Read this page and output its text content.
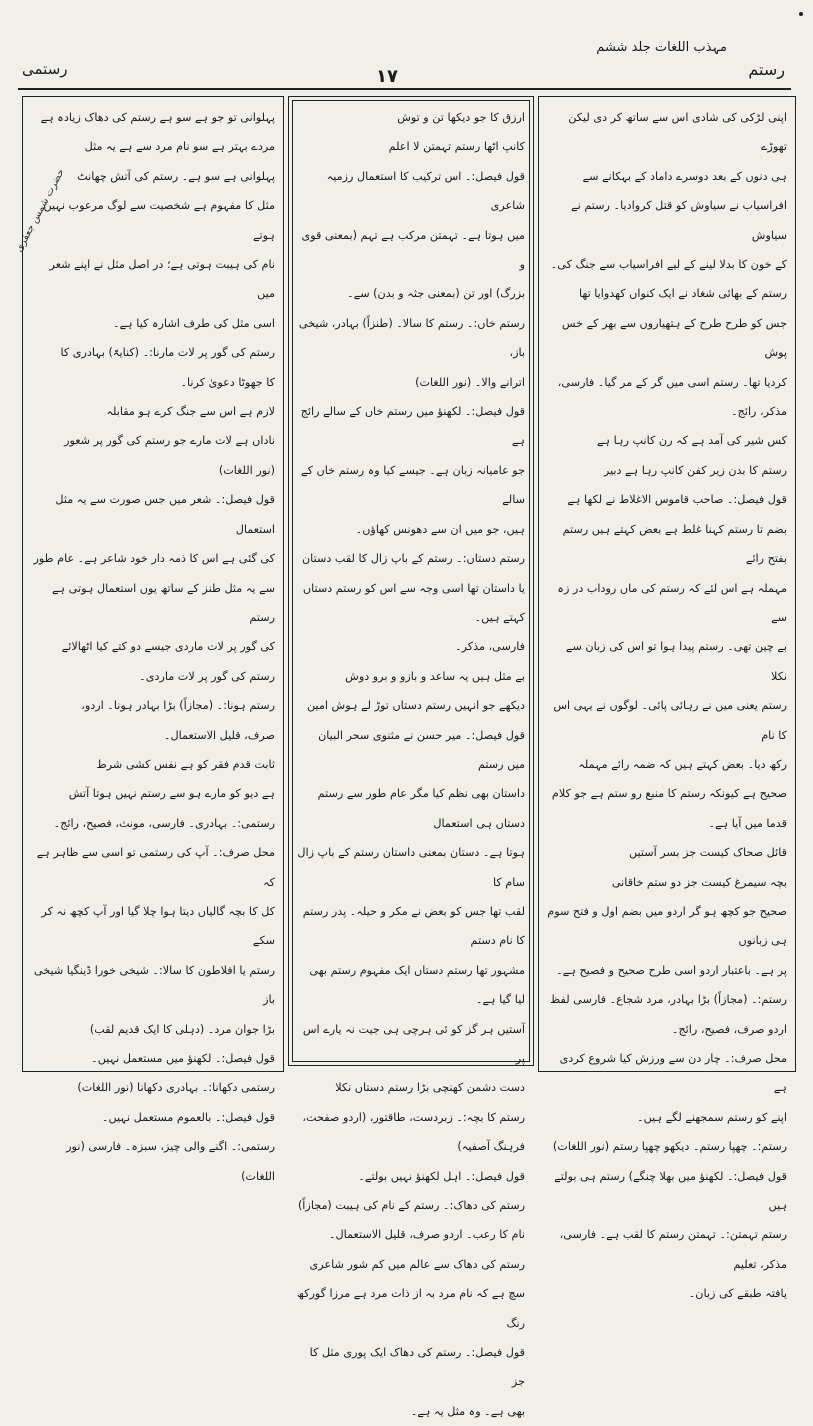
مہذب اللغات جلد ششم
رستمی	۱۷	رستم

اپنی لڑکی کی شادی اس سے ساتھ کر دی لیکن تھوڑے

ہی دنوں کے بعد دوسرے داماد کے بہکانے سے

افراسیاب نے سیاوش کو قتل کروادیا۔ رستم نے سیاوش

کے خون کا بدلا لینے کے لیے افراسیاب سے جنگ کی۔

رستم کے بھائی شغاد نے ایک کنواں کھدوایا تھا

جس کو طرح طرح کے ہتھیاروں سے بھر کے خس پوش

کردیا تھا۔ رستم اسی میں گر کے مر گیا۔ فارسی، مذکر، رائج۔

کس شیر کی آمد ہے کہ رن کانپ رہا ہے

رستم کا بدن زیر کفن کانپ رہا ہے دبیر

قول فیصل:۔ صاحب قاموس الاغلاط نے لکھا ہے

بضم تا رستم کہنا غلط ہے بعض کہتے ہیں رستم بفتح رائے

مہملہ ہے اس لئے کہ رستم کی ماں روداب در زہ سے

بے چین تھی۔ رستم پیدا ہوا تو اس کی زبان سے نکلا

رستم یعنی میں نے رہائی پائی۔ لوگوں نے یہی اس کا نام

رکھ دیا۔ بعض کہتے ہیں کہ ضمہ رائے مہملہ

صحیح ہے کیونکہ رستم کا منبع رو ستم ہے جو کلام

قدما میں آیا ہے۔

قائل صحاک کیست جز بسر آستیں

بچہ سیمرغ کیست جز دو ستم خاقانی

صحیح جو کچھ ہو گر اردو میں بضم اول و فتح سوم ہی زبانوں

پر ہے۔ باعتبار اردو اسی طرح صحیح و فصیح ہے۔

رستم:۔ (مجازاً) بڑا بہادر، مرد شجاع۔ فارسی لفظ

اردو صرف، فصیح، رائج۔

محل صرف:۔ چار دن سے ورزش کیا شروع کردی ہے

اپنے کو رستم سمجھنے لگے ہیں۔

رستم:۔ چھپا رستم۔ دیکھو چھپا رستم (نور اللغات)

قول فیصل:۔ لکھنؤ میں بھلا چنگے) رستم ہی بولتے ہیں

رستم تہمتن:۔ تہمتن رستم کا لقب ہے۔ فارسی، مذکر، تعلیم

یافتہ طبقے کی زبان۔

ارزق کا جو دیکھا تن و توش

کانپ اٹھا رستم تہمتن لا اعلم

قول فیصل:۔ اس ترکیب کا استعمال رزمیہ شاعری

میں ہوتا ہے۔ تہمتن مرکب ہے تہم (بمعنی قوی و

بزرگ) اور تن (بمعنی جثہ و بدن) سے۔

رستم خاں:۔ رستم کا سالا۔ (طنزاً) بہادر، شیخی باز،

اترانے والا۔ (نور اللغات)

قول فیصل:۔ لکھنؤ میں رستم خاں کے سالے رائج ہے

جو عامیانہ زبان ہے۔ جیسے کیا وہ رستم خاں کے سالے

ہیں، جو میں ان سے دھونس کھاؤں۔

رستم دستاں:۔ رستم کے باپ زال کا لقب دستان

یا داستان تھا اسی وجہ سے اس کو رستم دستاں کہتے ہیں۔

فارسی، مذکر۔

بے مثل ہیں یہ ساعد و بازو و برو دوش

دیکھے جو انہیں رستم دستاں توڑ لے ہوش امین

قول فیصل:۔ میر حسن نے مثنوی سحر البیان میں رستم

داستان بھی نظم کیا مگر عام طور سے رستم دستاں ہی استعمال

ہوتا ہے۔ دستان بمعنی داستان رستم کے باپ زال سام کا

لقب تھا جس کو بعض نے مکر و حیلہ۔ پدر رستم کا نام دستم

مشہور تھا رستم دستاں ایک مفہوم رستم بھی لیا گیا ہے۔

آستیں ہر گز کو ئی ہرچی ہی جیت نہ یارے اس پر

دست دشمن کھنچی بڑا رستم دستاں نکلا

رستم کا بچہ:۔ زبردست، طاقتور، (اردو صفحت، فرہنگ آصفیہ)

قول فیصل:۔ اہل لکھنؤ نہیں بولتے۔

رستم کی دھاک:۔ رستم کے نام کی ہیبت (مجازاً)

نام کا رعب۔ اردو صرف، قلیل الاستعمال۔

رستم کی دھاک سے عالم میں کم شور شاعری

سچ ہے کہ نام مرد بہ از ذات مرد ہے مرزا گورکھ رنگ

قول فیصل:۔ رستم کی دھاک ایک پوری مثل کا جز

بھی ہے۔ وہ مثل یہ ہے۔

پہلوانی تو جو ہے سو ہے رستم کی دھاک زیادہ ہے

مردے بہتر ہے سو نام مرد سے ہے یہ مثل

پہلوانی ہے سو ہے۔ رستم کی آتش چھانٹ

مثل کا مفہوم ہے شخصیت سے لوگ مرعوب نہیں ہوتے

نام کی ہیبت ہوتی ہے؛ در اصل مثل نے اپنے شعر میں

اسی مثل کی طرف اشارہ کیا ہے۔

رستم کی گور پر لات مارنا:۔ (کنایۃً) بہادری کا

کا جھوٹا دعویٰ کرنا۔

لازم ہے اس سے جنگ کرے ہو مقابلہ

ناداں ہے لات مارے جو رستم کی گور پر شعور

(نور اللغات)

قول فیصل:۔ شعر میں جس صورت سے یہ مثل استعمال

کی گئی ہے اس کا ذمہ دار خود شاعر ہے۔ عام طور

سے یہ مثل طنز کے ساتھ یوں استعمال ہوتی ہے رستم

کی گور پر لات ماردی جیسے دو کتے کیا اٹھالائے

رستم کی گور پر لات ماردی۔

رستم ہونا:۔ (مجازاً) بڑا بہادر ہونا۔ اردو،

صرف، قلیل الاستعمال۔

ثابت قدم فقر کو ہے نفس کشی شرط

ہے دیو کو مارے ہو سے رستم نہیں ہوتا آتش

رستمی:۔ بہادری۔ فارسی، مونث، فصیح، رائج۔

محل صرف:۔ آپ کی رستمی تو اسی سے ظاہر ہے کہ

کل کا بچہ گالیاں دیتا ہوا چلا گیا اور آپ کچھ نہ کر سکے

رستم یا افلاطون کا سالا:۔ شیخی خورا ڈینگیا شیخی باز

بڑا جوان مرد۔ (دہلی کا ایک قدیم لقب)

قول فیصل:۔ لکھنؤ میں مستعمل نہیں۔

رستمی دکھانا:۔ بہادری دکھانا (نور اللغات)

قول فیصل:۔ بالعموم مستعمل نہیں۔

رستمی:۔ اگنے والی چیز، سبزہ۔ فارسی (نور اللغات)

حضرت شمس جعفری
